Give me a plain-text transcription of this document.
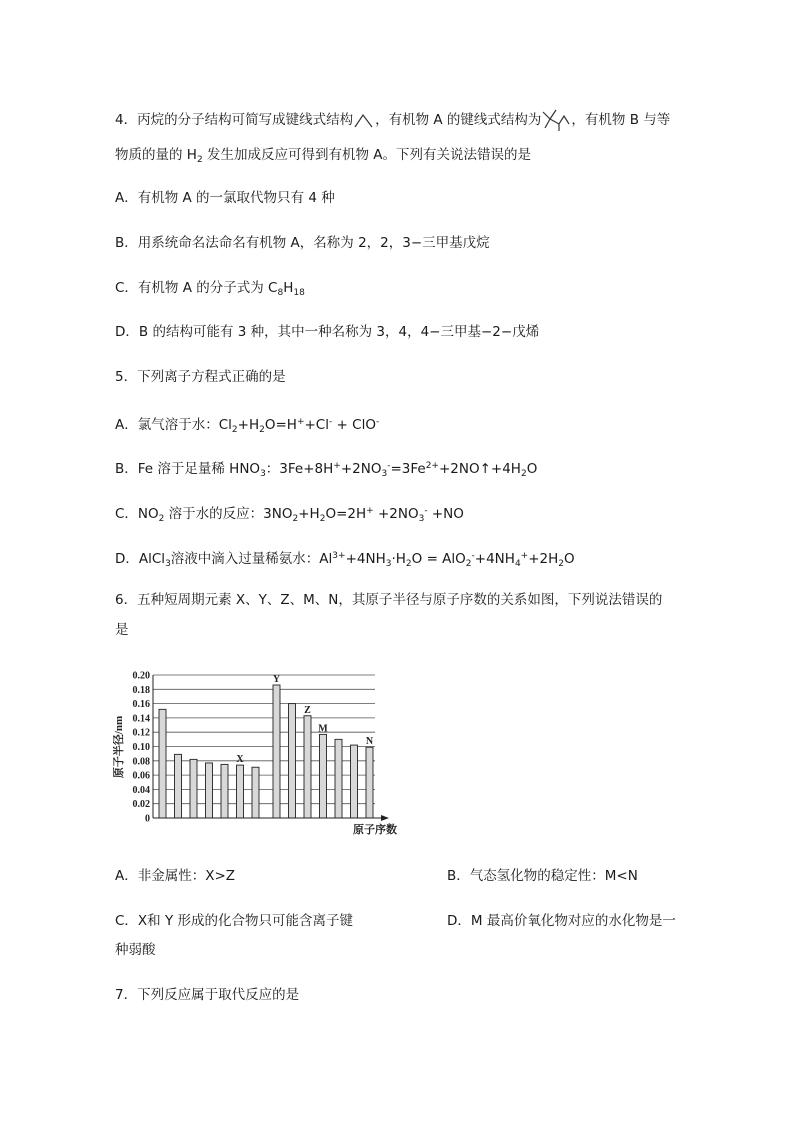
4．丙烷的分子结构可简写成键线式结构 ，有机物 A 的键线式结构为 ，有机物 B 与等
物质的量的 $H_2$ 发生加成反应可得到有机物 A。下列有关说法错误的是
A．有机物 A 的一氯取代物只有 4 种
B．用系统命名法命名有机物 A，名称为 2，2，3−三甲基戊烷
C．有机物 A 的分子式为 $C_8H_{18}$
D．B 的结构可能有 3 种，其中一种名称为 3，4，4−三甲基−2−戊烯
5．下列离子方程式正确的是
A．氯气溶于水：$Cl_2+H_2O=H^++Cl^- + ClO^-$
B．Fe 溶于足量稀 $HNO_3$：$3Fe+8H^++2NO_3^-=3Fe^{2+}+2NO↑+4H_2O$
C．$NO_2$ 溶于水的反应：$3NO_2+H_2O=2H^+ +2NO_3^- +NO$
D．AlCl$_3$溶液中滴入过量稀氨水：$Al^{3+}+4NH_3\cdot H_2O = AlO_2^-+4NH_4^++2H_2O$
6．五种短周期元素 X、Y、Z、M、N，其原子半径与原子序数的关系如图，下列说法错误的
是
0.20
0.18
0.16
0.14
0.12
0.10
0.08
0.06
0.04
0.02
0
X
Y
Z
M
N
原子半径/nm
原子序数
A．非金属性：X>Z	B．气态氢化物的稳定性：M<N
C．X和 Y 形成的化合物只可能含离子键	D．M 最高价氧化物对应的水化物是一
种弱酸
7．下列反应属于取代反应的是
